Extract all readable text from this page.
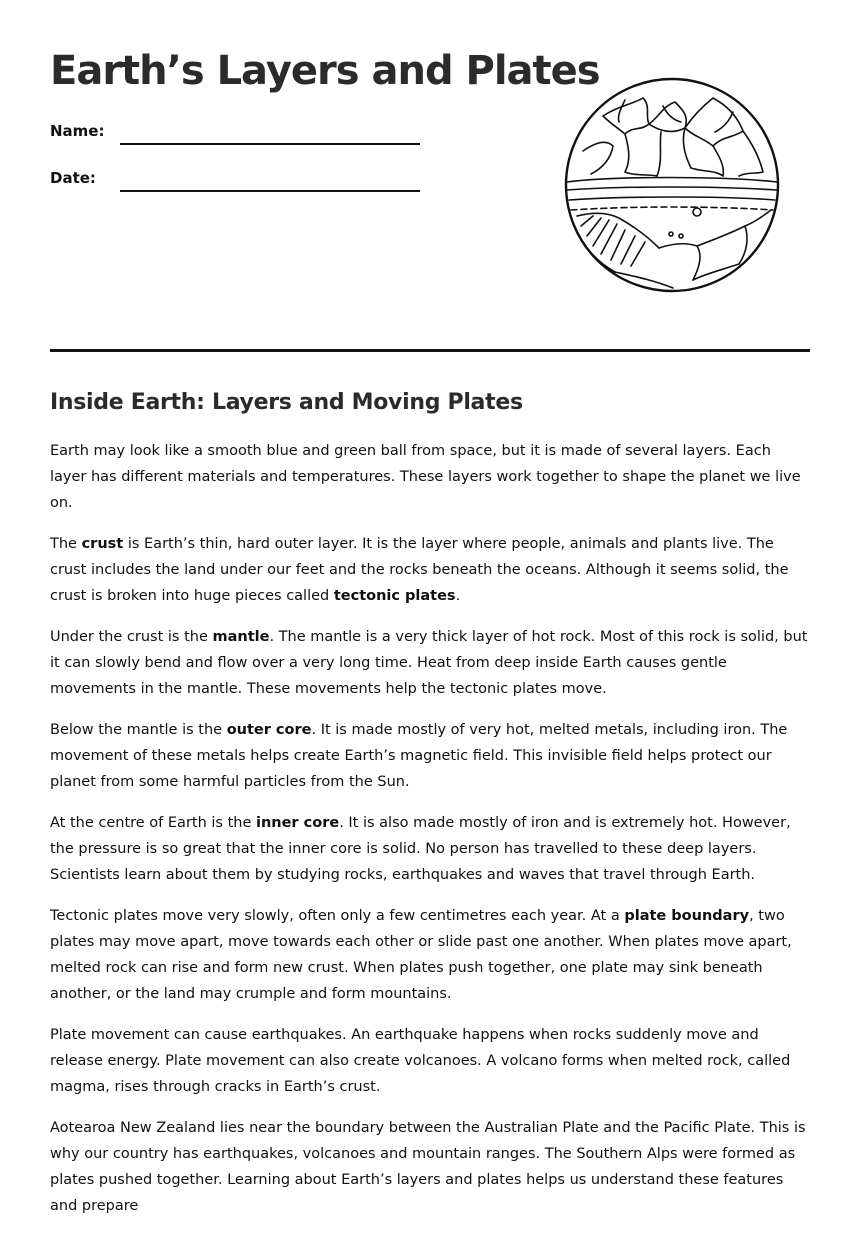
Earth’s Layers and Plates
Name:
Date:
Inside Earth: Layers and Moving Plates

Earth may look like a smooth blue and green ball from space, but it is made of several layers. Each layer has different materials and temperatures. These layers work together to shape the planet we live on.

The crust is Earth’s thin, hard outer layer. It is the layer where people, animals and plants live. The crust includes the land under our feet and the rocks beneath the oceans. Although it seems solid, the crust is broken into huge pieces called tectonic plates.

Under the crust is the mantle. The mantle is a very thick layer of hot rock. Most of this rock is solid, but it can slowly bend and flow over a very long time. Heat from deep inside Earth causes gentle movements in the mantle. These movements help the tectonic plates move.

Below the mantle is the outer core. It is made mostly of very hot, melted metals, including iron. The movement of these metals helps create Earth’s magnetic field. This invisible field helps protect our planet from some harmful particles from the Sun.

At the centre of Earth is the inner core. It is also made mostly of iron and is extremely hot. However, the pressure is so great that the inner core is solid. No person has travelled to these deep layers. Scientists learn about them by studying rocks, earthquakes and waves that travel through Earth.

Tectonic plates move very slowly, often only a few centimetres each year. At a plate boundary, two plates may move apart, move towards each other or slide past one another. When plates move apart, melted rock can rise and form new crust. When plates push together, one plate may sink beneath another, or the land may crumple and form mountains.

Plate movement can cause earthquakes. An earthquake happens when rocks suddenly move and release energy. Plate movement can also create volcanoes. A volcano forms when melted rock, called magma, rises through cracks in Earth’s crust.

Aotearoa New Zealand lies near the boundary between the Australian Plate and the Pacific Plate. This is why our country has earthquakes, volcanoes and mountain ranges. The Southern Alps were formed as plates pushed together. Learning about Earth’s layers and plates helps us understand these features and prepare
